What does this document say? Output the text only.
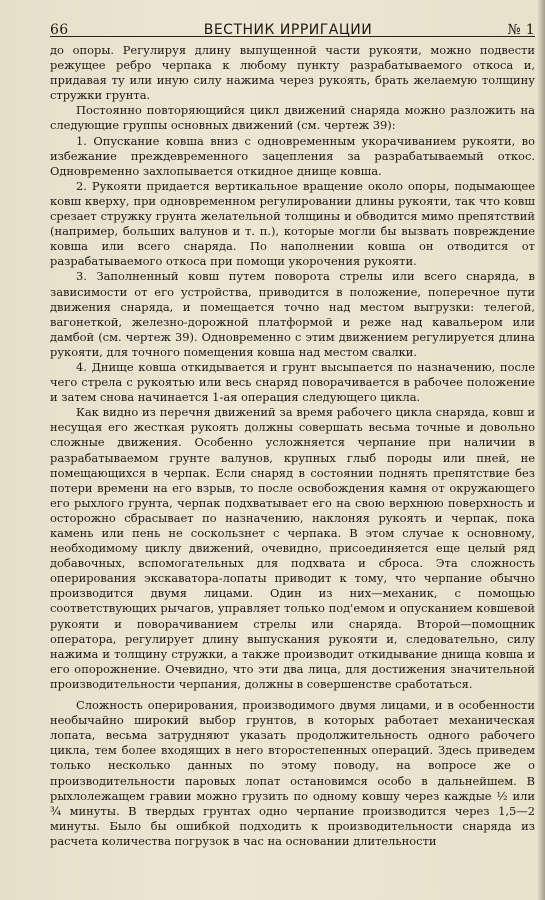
66	ВЕСТНИК ИРРИГАЦИИ	№ 1

до опоры. Регулируя длину выпущенной части рукояти, можно подвести режущее ребро черпака к любому пункту разрабатываемого откоса и, придавая ту или иную силу нажима через рукоять, брать желаемую толщину стружки грунта.

Постоянно повторяющийся цикл движений снаряда можно разложить на следующие группы основных движений (см. чертеж 39):

1. Опускание ковша вниз с одновременным укорачиванием рукояти, во избежание преждевременного зацепления за разрабатываемый откос. Одновременно захлопывается откидное днище ковша.

2. Рукояти придается вертикальное вращение около опоры, подымающее ковш кверху, при одновременном регулировании длины рукояти, так что ковш срезает стружку грунта желательной толщины и обводится мимо препятствий (например, больших валунов и т. п.), которые могли бы вызвать повреждение ковша или всего снаряда. По наполнении ковша он отводится от разрабатываемого откоса при помощи укорочения рукояти.

3. Заполненный ковш путем поворота стрелы или всего снаряда, в зависимости от его устройства, приводится в положение, поперечное пути движения снаряда, и помещается точно над местом выгрузки: телегой, вагонеткой, железно-дорожной платформой и реже над кавальером или дамбой (см. чертеж 39). Одновременно с этим движением регулируется длина рукояти, для точного помещения ковша над местом свалки.

4. Днище ковша откидывается и грунт высыпается по назначению, после чего стрела с рукоятью или весь снаряд поворачивается в рабочее положение и затем снова начинается 1-ая операция следующего цикла.

Как видно из перечня движений за время рабочего цикла снаряда, ковш и несущая его жесткая рукоять должны совершать весьма точные и довольно сложные движения. Особенно усложняется черпание при наличии в разрабатываемом грунте валунов, крупных глыб породы или пней, не помещающихся в черпак. Если снаряд в состоянии поднять препятствие без потери времени на его взрыв, то после освобождения камня от окружающего его рыхлого грунта, черпак подхватывает его на свою верхнюю поверхность и осторожно сбрасывает по назначению, наклоняя рукоять и черпак, пока камень или пень не соскользнет с черпака. В этом случае к основному, необходимому циклу движений, очевидно, присоединяется еще целый ряд добавочных, вспомогательных для подхвата и сброса. Эта сложность оперирования экскаватора-лопаты приводит к тому, что черпание обычно производится двумя лицами. Один из них—механик, с помощью соответствующих рычагов, управляет только под'емом и опусканием ковшевой рукояти и поворачиванием стрелы или снаряда. Второй—помощник оператора, регулирует длину выпускания рукояти и, следовательно, силу нажима и толщину стружки, а также производит откидывание днища ковша и его опорожнение. Очевидно, что эти два лица, для достижения значительной производительности черпания, должны в совершенстве сработаться.

Сложность оперирования, производимого двумя лицами, и в особенности необычайно широкий выбор грунтов, в которых работает механическая лопата, весьма затрудняют указать продолжительность одного рабочего цикла, тем более входящих в него второстепенных операций. Здесь приведем только несколько данных по этому поводу, на вопросе же о производительности паровых лопат остановимся особо в дальнейшем. В рыхлолежащем гравии можно грузить по одному ковшу через каждые ½ или ¾ минуты. В твердых грунтах одно черпание производится через 1,5—2 минуты. Было бы ошибкой подходить к производительности снаряда из расчета количества погрузок в час на основании длительности
